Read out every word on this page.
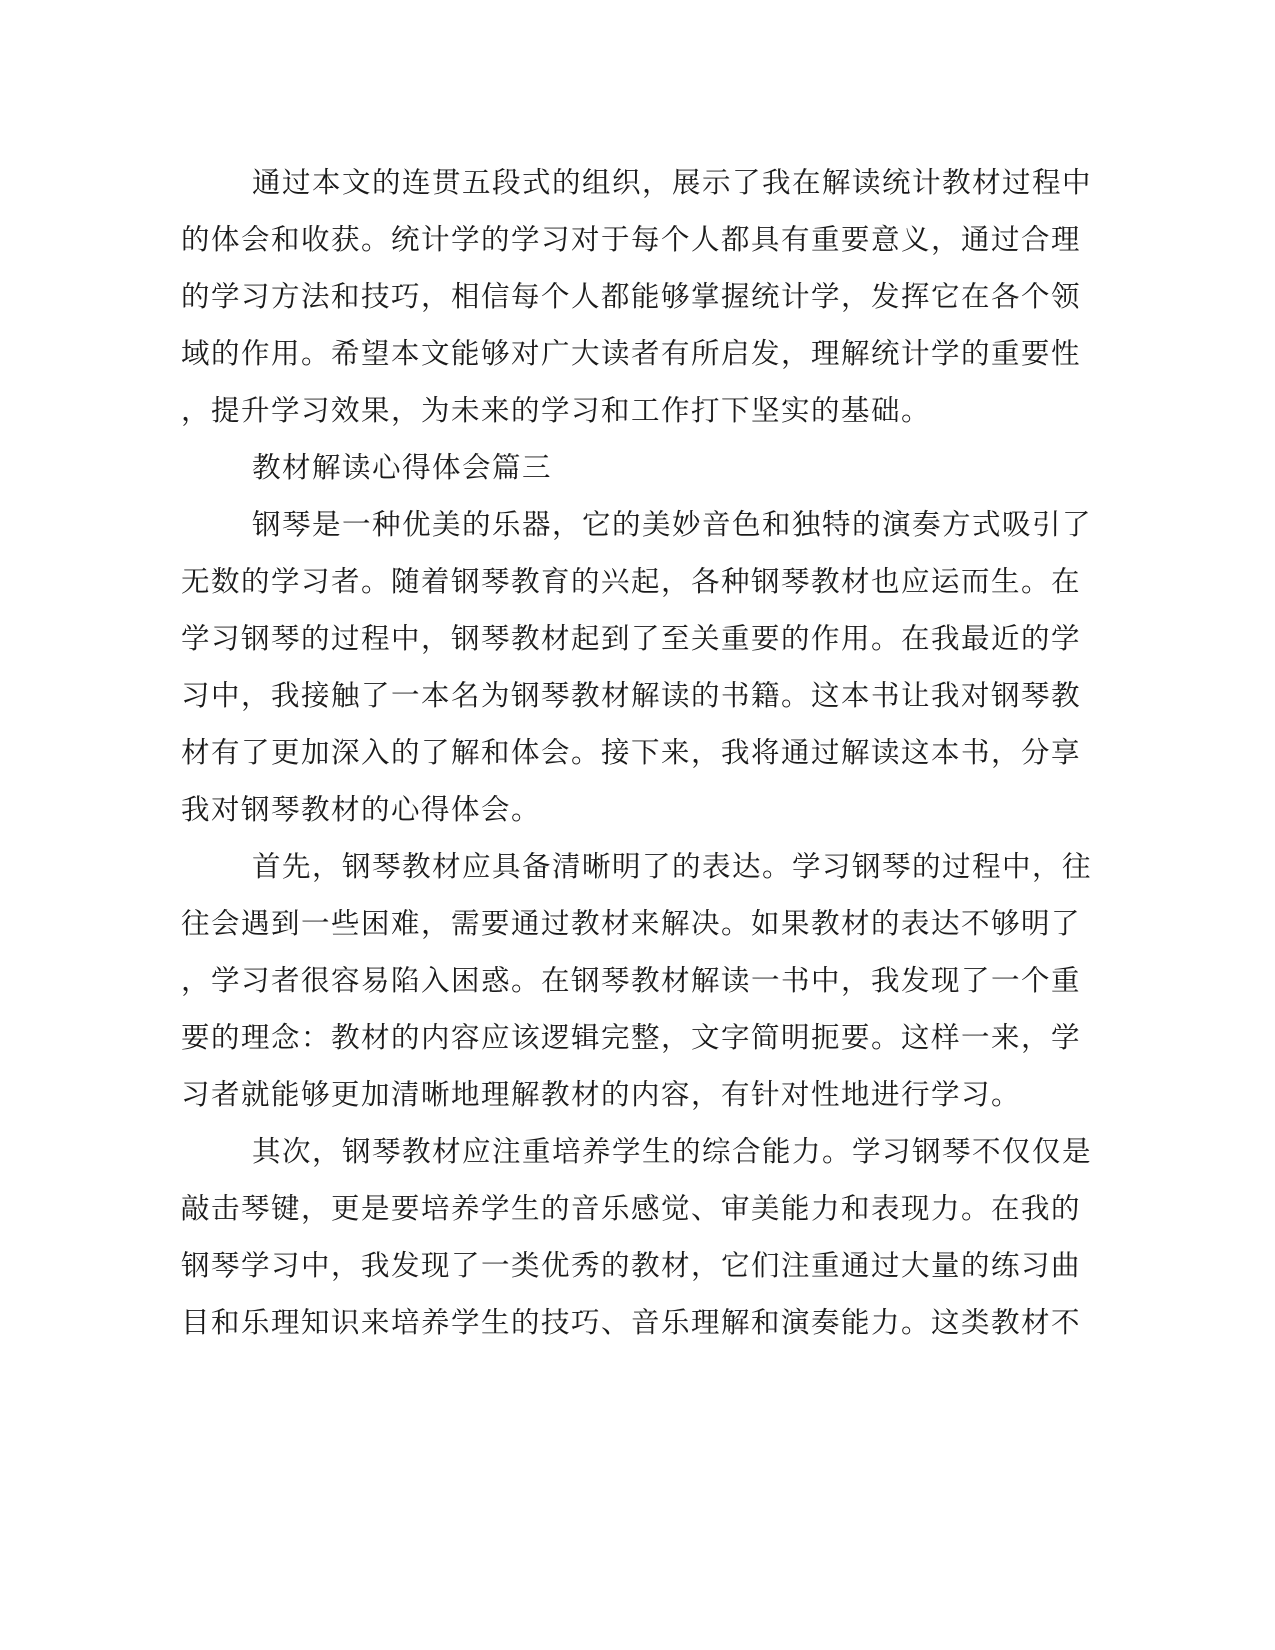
通过本文的连贯五段式的组织，展示了我在解读统计教材过程中
的体会和收获。统计学的学习对于每个人都具有重要意义，通过合理
的学习方法和技巧，相信每个人都能够掌握统计学，发挥它在各个领
域的作用。希望本文能够对广大读者有所启发，理解统计学的重要性
，提升学习效果，为未来的学习和工作打下坚实的基础。
教材解读心得体会篇三
钢琴是一种优美的乐器，它的美妙音色和独特的演奏方式吸引了
无数的学习者。随着钢琴教育的兴起，各种钢琴教材也应运而生。在
学习钢琴的过程中，钢琴教材起到了至关重要的作用。在我最近的学
习中，我接触了一本名为钢琴教材解读的书籍。这本书让我对钢琴教
材有了更加深入的了解和体会。接下来，我将通过解读这本书，分享
我对钢琴教材的心得体会。
首先，钢琴教材应具备清晰明了的表达。学习钢琴的过程中，往
往会遇到一些困难，需要通过教材来解决。如果教材的表达不够明了
，学习者很容易陷入困惑。在钢琴教材解读一书中，我发现了一个重
要的理念：教材的内容应该逻辑完整，文字简明扼要。这样一来，学
习者就能够更加清晰地理解教材的内容，有针对性地进行学习。
其次，钢琴教材应注重培养学生的综合能力。学习钢琴不仅仅是
敲击琴键，更是要培养学生的音乐感觉、审美能力和表现力。在我的
钢琴学习中，我发现了一类优秀的教材，它们注重通过大量的练习曲
目和乐理知识来培养学生的技巧、音乐理解和演奏能力。这类教材不
